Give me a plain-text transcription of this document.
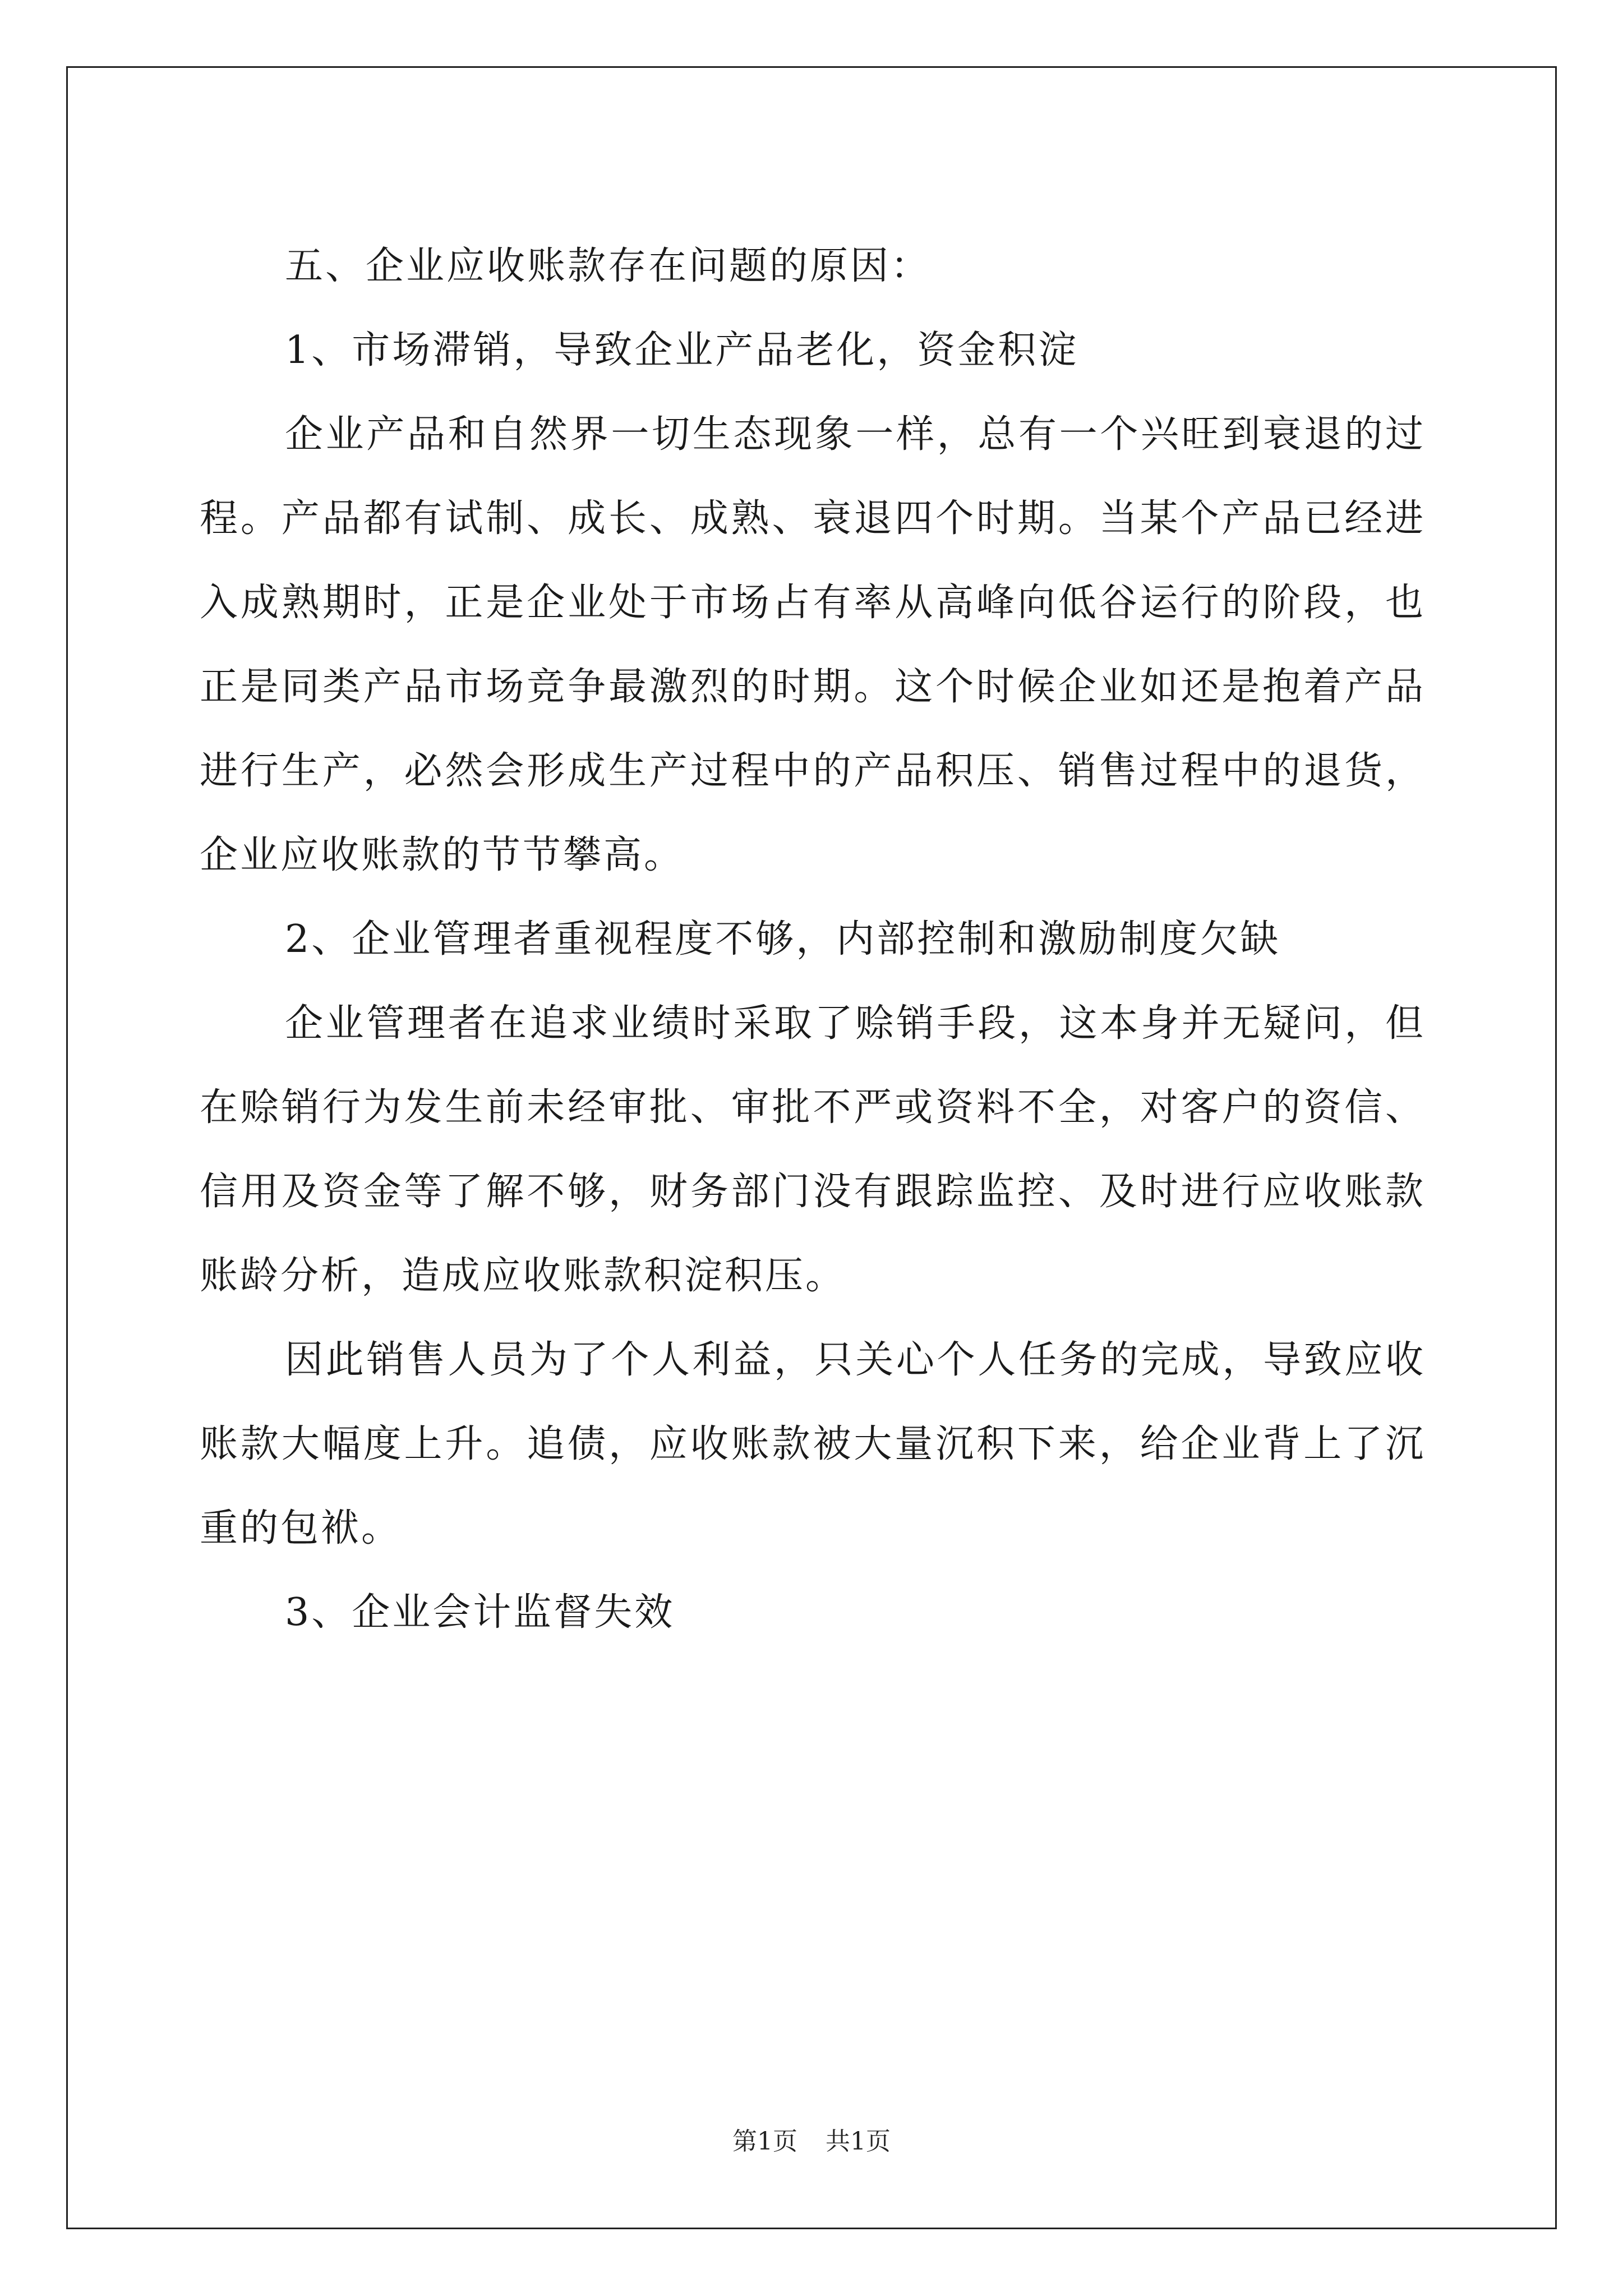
五、企业应收账款存在问题的原因：

1、市场滞销，导致企业产品老化，资金积淀

企业产品和自然界一切生态现象一样，总有一个兴旺到衰退的过程。产品都有试制、成长、成熟、衰退四个时期。当某个产品已经进入成熟期时，正是企业处于市场占有率从高峰向低谷运行的阶段，也正是同类产品市场竞争最激烈的时期。这个时候企业如还是抱着产品进行生产，必然会形成生产过程中的产品积压、销售过程中的退货，企业应收账款的节节攀高。

2、企业管理者重视程度不够，内部控制和激励制度欠缺

企业管理者在追求业绩时采取了赊销手段，这本身并无疑问，但在赊销行为发生前未经审批、审批不严或资料不全，对客户的资信、信用及资金等了解不够，财务部门没有跟踪监控、及时进行应收账款账龄分析，造成应收账款积淀积压。

因此销售人员为了个人利益，只关心个人任务的完成，导致应收账款大幅度上升。追债，应收账款被大量沉积下来，给企业背上了沉重的包袱。

3、企业会计监督失效

第1页 共1页
